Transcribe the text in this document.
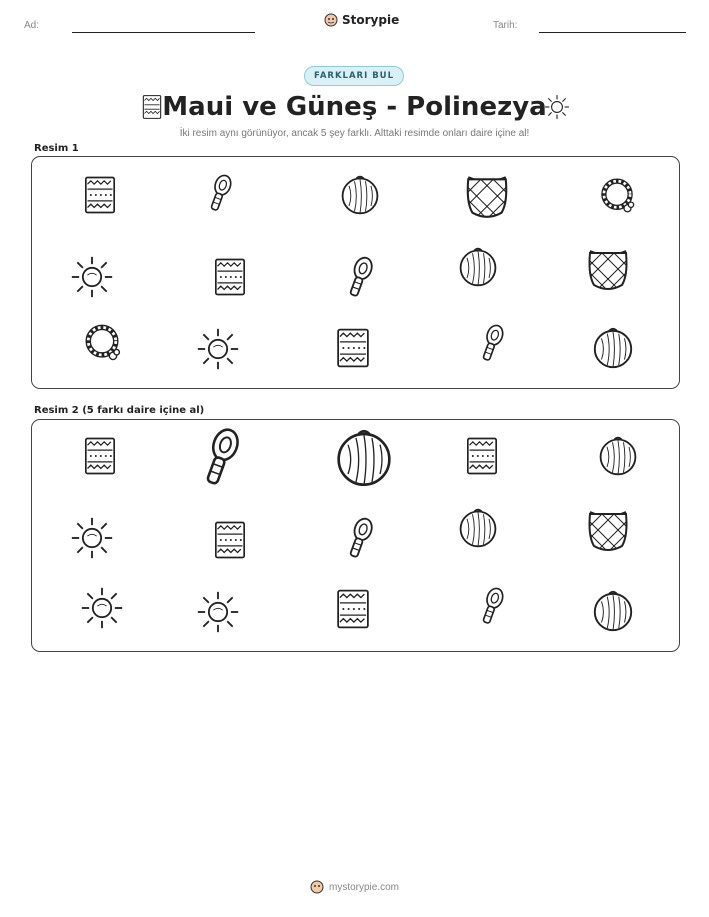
Ad:	Storypie	Tarih:
FARKLARI BUL
Maui ve Güneş - Polinezya
İki resim aynı görünüyor, ancak 5 şey farklı. Alttaki resimde onları daire içine al!
Resim 1
Resim 2 (5 farkı daire içine al)
mystorypie.com
